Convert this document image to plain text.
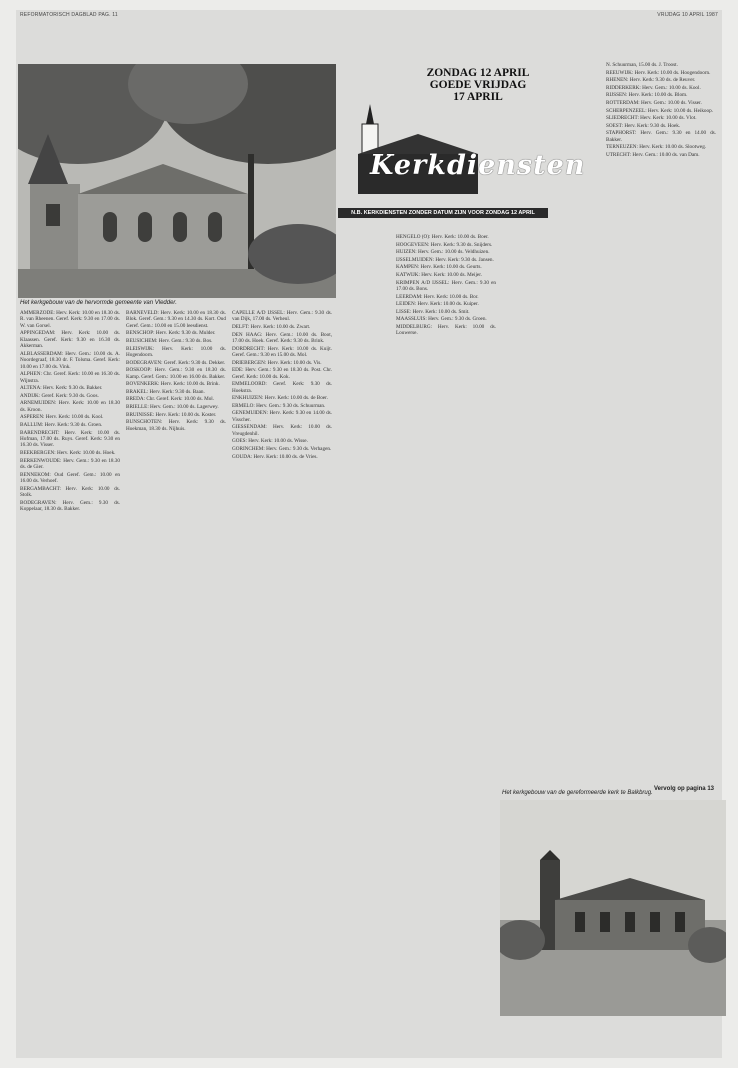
REFORMATORISCH DAGBLAD PAG. 11	VRIJDAG 10 APRIL 1987
Het kerkgebouw van de hervormde gemeente van Vledder.
ZONDAG 12 APRIL
GOEDE VRIJDAG
17 APRIL
Kerkdiensten
N.B. KERKDIENSTEN ZONDER DATUM ZIJN VOOR ZONDAG 12 APRIL

AMMERZODE: Herv. Kerk: 10.00 en 18.30 ds. R. van Rheenen. Geref. Kerk: 9.30 en 17.00 ds. W. van Gorsel.

APPINGEDAM: Herv. Kerk: 10.00 ds. Klaassen. Geref. Kerk: 9.30 en 16.30 ds. Akkerman.

ALBLASSERDAM: Herv. Gem.: 10.00 ds. A. Noordegraaf, 18.30 dr. F. Tolsma. Geref. Kerk: 10.00 en 17.00 ds. Vink.

ALPHEN: Chr. Geref. Kerk: 10.00 en 16.30 ds. Wijnstra.

ALTENA: Herv. Kerk: 9.30 ds. Bakker.

ANDIJK: Geref. Kerk: 9.30 ds. Goos.

ARNEMUIDEN: Herv. Kerk: 10.00 en 18.30 ds. Kroon.

ASPEREN: Herv. Kerk: 10.00 ds. Kool.

BALLUM: Herv. Kerk: 9.30 ds. Groen.

BARENDRECHT: Herv. Kerk: 10.00 ds. Hofman, 17.00 ds. Ruys. Geref. Kerk: 9.30 en 16.30 ds. Visser.

BEEKBERGEN: Herv. Kerk: 10.00 ds. Hoek.

BERKENWOUDE: Herv. Gem.: 9.30 en 18.30 ds. de Gier.

BENNEKOM: Oud Geref. Gem.: 10.00 en 16.00 ds. Verhoef.

BERGAMBACHT: Herv. Kerk: 10.00 ds. Stolk.

BODEGRAVEN: Herv. Gem.: 9.30 ds. Koppelaar, 18.30 ds. Bakker.

BARNEVELD: Herv. Kerk: 10.00 en 18.30 ds. Blok. Geref. Gem.: 9.30 en 14.30 ds. Kort. Oud Geref. Gem.: 10.00 en 15.00 leesdienst.

BENSCHOP: Herv. Kerk: 9.30 ds. Mulder.

BEUSICHEM: Herv. Gem.: 9.30 ds. Bos.

BLEISWIJK: Herv. Kerk: 10.00 ds. Hogendoorn.

BODEGRAVEN: Geref. Kerk: 9.30 ds. Dekker.

BOSKOOP: Herv. Gem.: 9.30 en 18.30 ds. Kamp. Geref. Gem.: 10.00 en 16.00 ds. Bakker.

BOVENKERK: Herv. Kerk: 10.00 ds. Brink.

BRAKEL: Herv. Kerk: 9.30 ds. Baan.

BREDA: Chr. Geref. Kerk: 10.00 ds. Mol.

BRIELLE: Herv. Gem.: 10.00 ds. Lagerwey.

BRUINISSE: Herv. Kerk: 10.00 ds. Koster.

BUNSCHOTEN: Herv. Kerk: 9.30 ds. Hoekman, 18.30 ds. Nijhuis.

CAPELLE A/D IJSSEL: Herv. Gem.: 9.30 ds. van Dijk, 17.00 ds. Verheul.

DELFT: Herv. Kerk: 10.00 ds. Zwart.

DEN HAAG: Herv. Gem.: 10.00 ds. Boot, 17.00 ds. Hoek. Geref. Kerk: 9.30 ds. Brink.

DORDRECHT: Herv. Kerk: 10.00 ds. Kuijt. Geref. Gem.: 9.30 en 15.00 ds. Mol.

DRIEBERGEN: Herv. Kerk: 10.00 ds. Vis.

EDE: Herv. Gem.: 9.30 en 18.30 ds. Post. Chr. Geref. Kerk: 10.00 ds. Kok.

EMMELOORD: Geref. Kerk: 9.30 ds. Hoekstra.

ENKHUIZEN: Herv. Kerk: 10.00 ds. de Boer.

ERMELO: Herv. Gem.: 9.30 ds. Schuurman.

GENEMUIDEN: Herv. Kerk: 9.30 en 14.00 ds. Visscher.

GIESSENDAM: Herv. Kerk: 10.00 ds. Vreugdenhil.

GOES: Herv. Kerk: 10.00 ds. Wisse.

GORINCHEM: Herv. Gem.: 9.30 ds. Verhagen.

GOUDA: Herv. Kerk: 10.00 ds. de Vries.

HENGELO (O): Herv. Kerk: 10.00 ds. Boer.

HOOGEVEEN: Herv. Kerk: 9.30 ds. Snijders.

HUIZEN: Herv. Gem.: 10.00 ds. Veldhuizen.

IJSSELMUIDEN: Herv. Kerk: 9.30 ds. Jansen.

KAMPEN: Herv. Kerk: 10.00 ds. Geurts.

KATWIJK: Herv. Kerk: 10.00 ds. Meijer.

KRIMPEN A/D IJSSEL: Herv. Gem.: 9.30 en 17.00 ds. Bons.

LEERDAM: Herv. Kerk: 10.00 ds. Bor.

LEIDEN: Herv. Kerk: 10.00 ds. Kuiper.

LISSE: Herv. Kerk: 10.00 ds. Smit.

MAASSLUIS: Herv. Gem.: 9.30 ds. Groen.

MIDDELBURG: Herv. Kerk: 10.00 ds. Louwerse.

N. Schuurman, 15.00 ds. J. Troost.

REEUWIJK: Herv. Kerk: 10.00 ds. Hoogendoorn.

RHENEN: Herv. Kerk: 9.30 ds. de Reuver.

RIDDERKERK: Herv. Gem.: 10.00 ds. Kool.

RIJSSEN: Herv. Kerk: 10.00 ds. Blom.

ROTTERDAM: Herv. Gem.: 10.00 ds. Visser.

SCHERPENZEEL: Herv. Kerk: 10.00 ds. Heikoop.

SLIEDRECHT: Herv. Kerk: 10.00 ds. Vlot.

SOEST: Herv. Kerk: 9.30 ds. Hoek.

STAPHORST: Herv. Gem.: 9.30 en 14.00 ds. Bakker.

TERNEUZEN: Herv. Kerk: 10.00 ds. Slootweg.

UTRECHT: Herv. Gem.: 10.00 ds. van Dam.

Vervolg op pagina 13
Het kerkgebouw van de gereformeerde kerk te Balkbrug.
